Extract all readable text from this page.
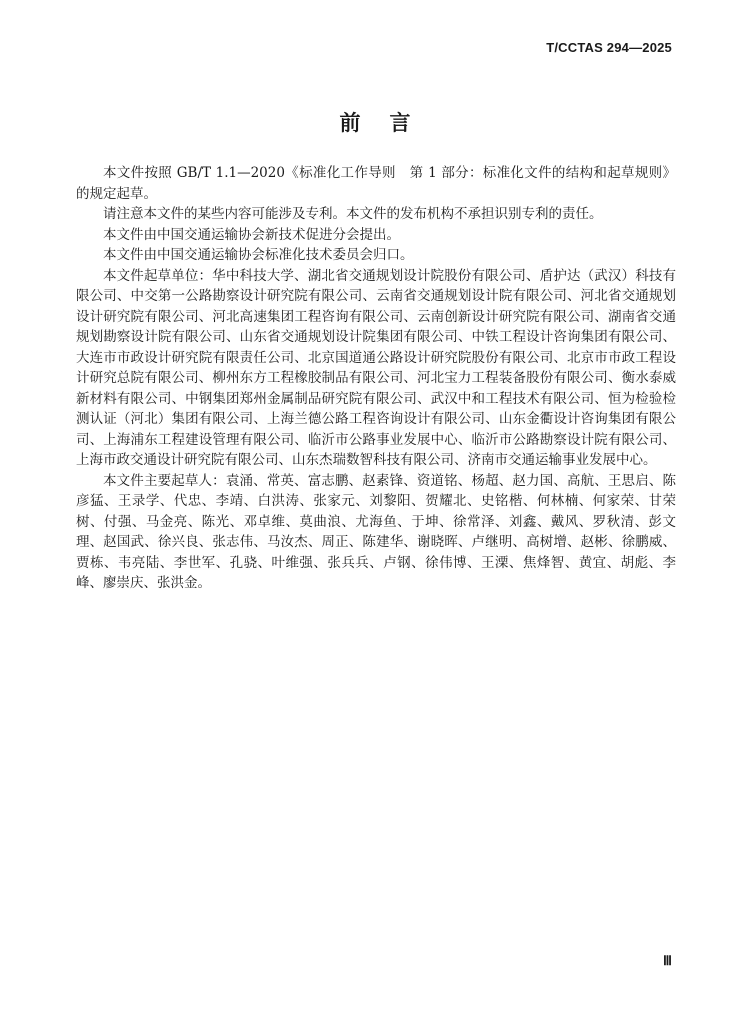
T/CCTAS 294—2025
前言

本文件按照 GB/T 1.1—2020《标准化工作导则　第 1 部分：标准化文件的结构和起草规则》的规定起草。

请注意本文件的某些内容可能涉及专利。本文件的发布机构不承担识别专利的责任。

本文件由中国交通运输协会新技术促进分会提出。

本文件由中国交通运输协会标准化技术委员会归口。

本文件起草单位：华中科技大学、湖北省交通规划设计院股份有限公司、盾护达（武汉）科技有限公司、中交第一公路勘察设计研究院有限公司、云南省交通规划设计院有限公司、河北省交通规划设计研究院有限公司、河北高速集团工程咨询有限公司、云南创新设计研究院有限公司、湖南省交通规划勘察设计院有限公司、山东省交通规划设计院集团有限公司、中铁工程设计咨询集团有限公司、大连市市政设计研究院有限责任公司、北京国道通公路设计研究院股份有限公司、北京市市政工程设计研究总院有限公司、柳州东方工程橡胶制品有限公司、河北宝力工程装备股份有限公司、衡水泰威新材料有限公司、中钢集团郑州金属制品研究院有限公司、武汉中和工程技术有限公司、恒为检验检测认证（河北）集团有限公司、上海兰德公路工程咨询设计有限公司、山东金衢设计咨询集团有限公司、上海浦东工程建设管理有限公司、临沂市公路事业发展中心、临沂市公路勘察设计院有限公司、上海市政交通设计研究院有限公司、山东杰瑞数智科技有限公司、济南市交通运输事业发展中心。

本文件主要起草人：袁涌、常英、富志鹏、赵素锋、资道铭、杨超、赵力国、高航、王思启、陈彦猛、王录学、代忠、李靖、白洪涛、张家元、刘黎阳、贺耀北、史铭楷、何林楠、何家荣、甘荣树、付强、马金亮、陈光、邓卓维、莫曲浪、尤海鱼、于坤、徐常泽、刘鑫、戴风、罗秋清、彭文理、赵国武、徐兴良、张志伟、马汝杰、周正、陈建华、谢晓晖、卢继明、高树增、赵彬、徐鹏威、贾栋、韦亮陆、李世军、孔骁、叶维强、张兵兵、卢钢、徐伟博、王溧、焦烽智、黄宜、胡彪、李峰、廖崇庆、张洪金。

Ⅲ
